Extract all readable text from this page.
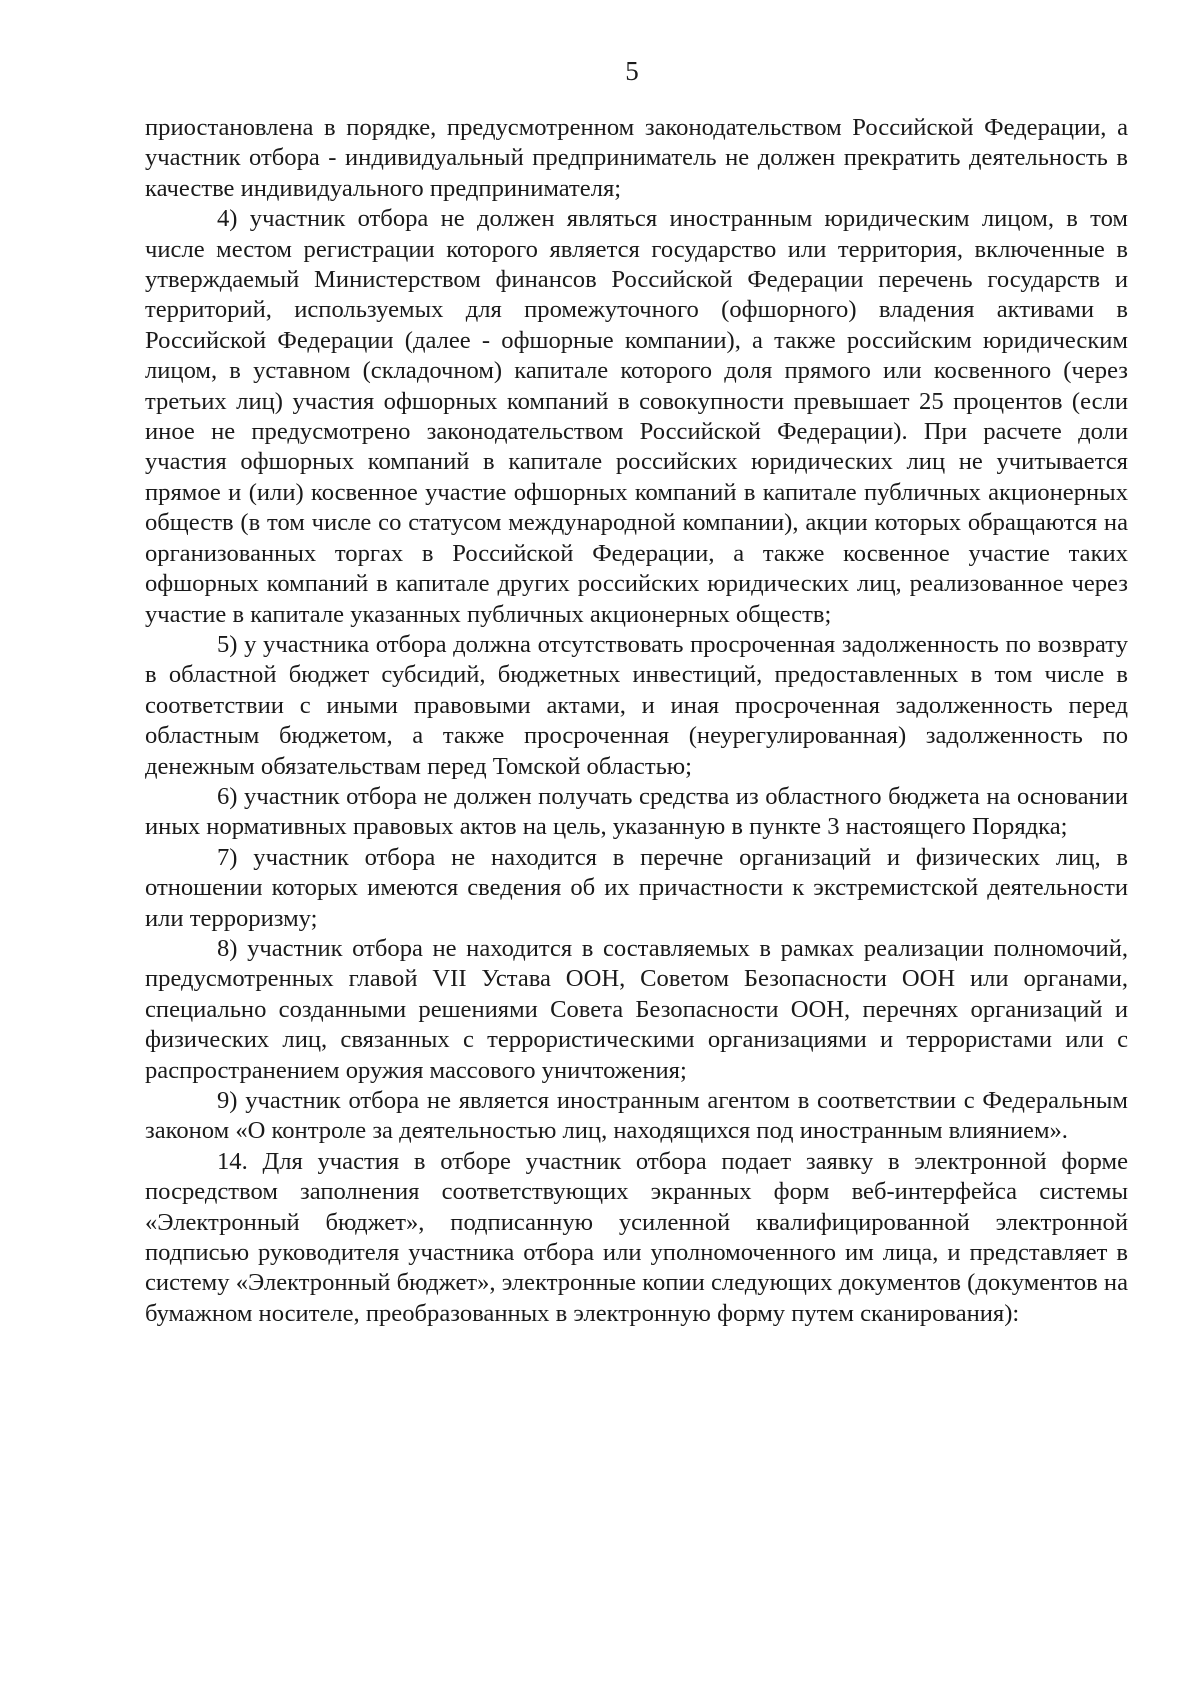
5

приостановлена в порядке, предусмотренном законодательством Российской Федерации, а участник отбора - индивидуальный предприниматель не должен прекратить деятельность в качестве индивидуального предпринимателя;

4) участник отбора не должен являться иностранным юридическим лицом, в том числе местом регистрации которого является государство или территория, включенные в утверждаемый Министерством финансов Российской Федерации перечень государств и территорий, используемых для промежуточного (офшорного) владения активами в Российской Федерации (далее - офшорные компании), а также российским юридическим лицом, в уставном (складочном) капитале которого доля прямого или косвенного (через третьих лиц) участия офшорных компаний в совокупности превышает 25 процентов (если иное не предусмотрено законодательством Российской Федерации). При расчете доли участия офшорных компаний в капитале российских юридических лиц не учитывается прямое и (или) косвенное участие офшорных компаний в капитале публичных акционерных обществ (в том числе со статусом международной компании), акции которых обращаются на организованных торгах в Российской Федерации, а также косвенное участие таких офшорных компаний в капитале других российских юридических лиц, реализованное через участие в капитале указанных публичных акционерных обществ;

5) у участника отбора должна отсутствовать просроченная задолженность по возврату в областной бюджет субсидий, бюджетных инвестиций, предоставленных в том числе в соответствии с иными правовыми актами, и иная просроченная задолженность перед областным бюджетом, а также просроченная (неурегулированная) задолженность по денежным обязательствам перед Томской областью;

6) участник отбора не должен получать средства из областного бюджета на основании иных нормативных правовых актов на цель, указанную в пункте 3 настоящего Порядка;

7) участник отбора не находится в перечне организаций и физических лиц, в отношении которых имеются сведения об их причастности к экстремистской деятельности или терроризму;

8) участник отбора не находится в составляемых в рамках реализации полномочий, предусмотренных главой VII Устава ООН, Советом Безопасности ООН или органами, специально созданными решениями Совета Безопасности ООН, перечнях организаций и физических лиц, связанных с террористическими организациями и террористами или с распространением оружия массового уничтожения;

9) участник отбора не является иностранным агентом в соответствии с Федеральным законом «О контроле за деятельностью лиц, находящихся под иностранным влиянием».

14. Для участия в отборе участник отбора подает заявку в электронной форме посредством заполнения соответствующих экранных форм веб-интерфейса системы «Электронный бюджет», подписанную усиленной квалифицированной электронной подписью руководителя участника отбора или уполномоченного им лица, и представляет в систему «Электронный бюджет», электронные копии следующих документов (документов на бумажном носителе, преобразованных в электронную форму путем сканирования):
